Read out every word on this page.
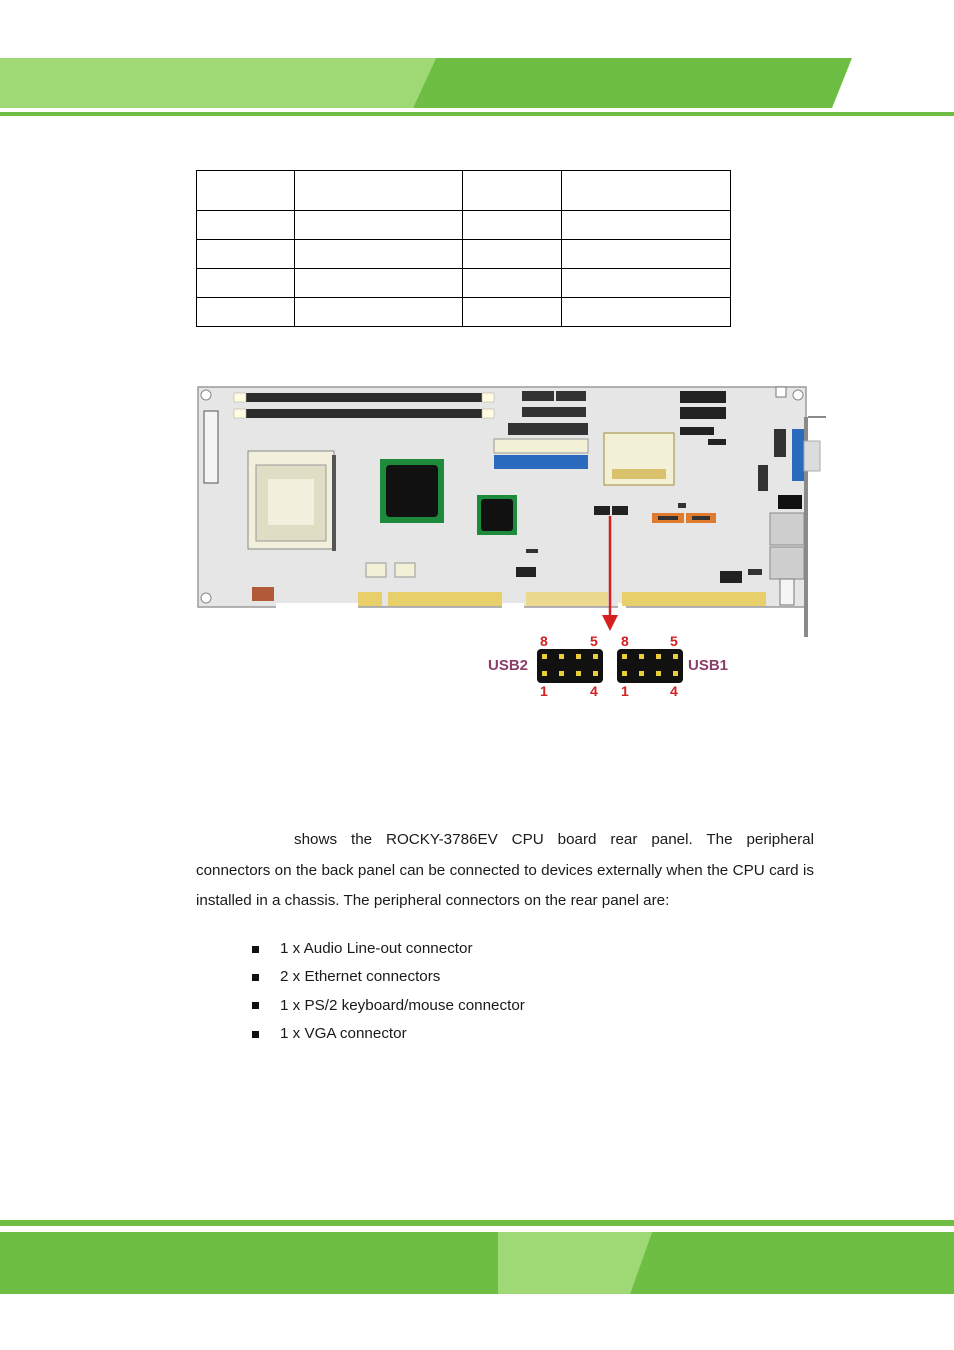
USB2	USB1
8	5
1	4
8	5
1	4

shows the ROCKY-3786EV CPU board rear panel. The peripheral connectors on the back panel can be connected to devices externally when the CPU card is installed in a chassis. The peripheral connectors on the rear panel are:

1 x Audio Line-out connector
2 x Ethernet connectors
1 x PS/2 keyboard/mouse connector
1 x VGA connector
